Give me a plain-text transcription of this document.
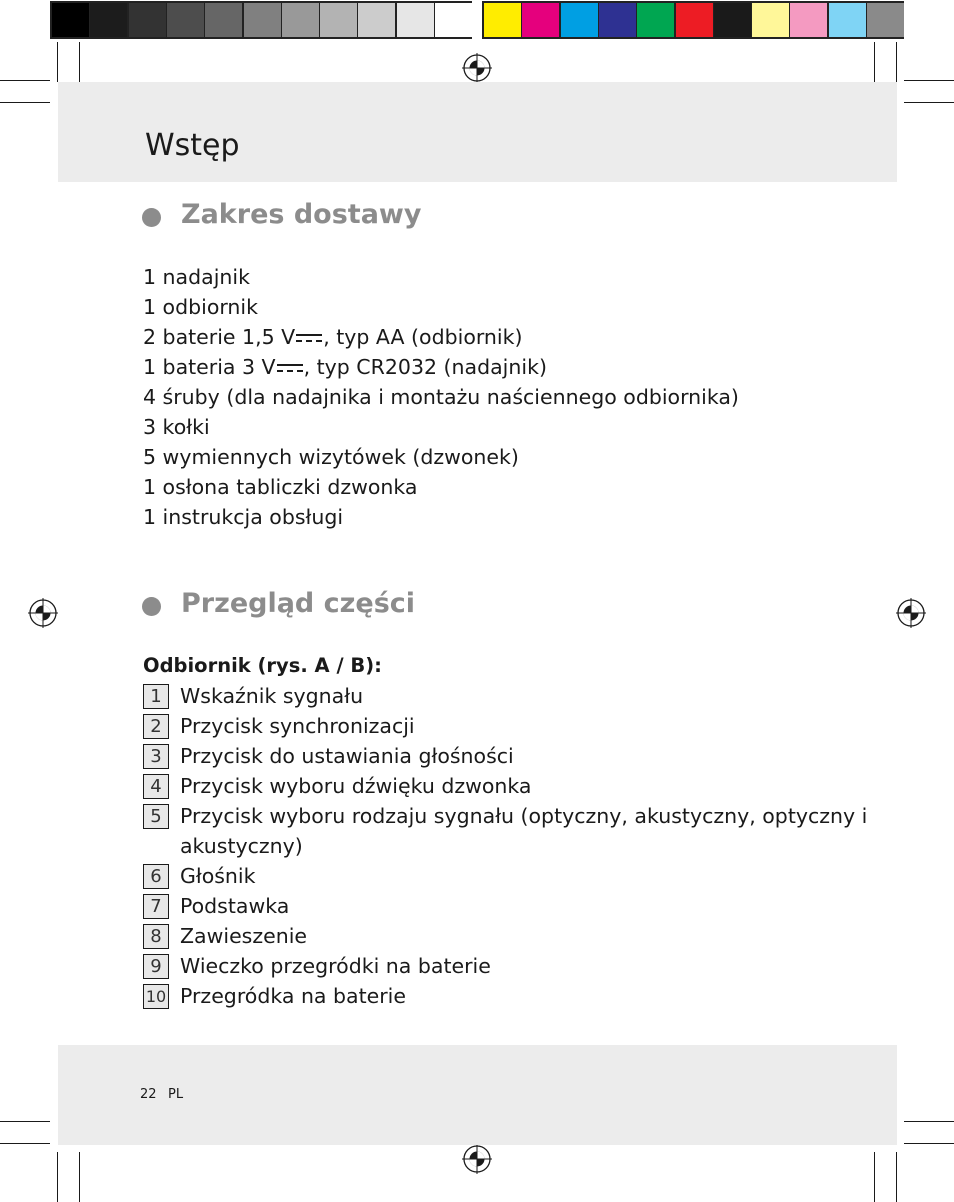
Wstęp
Zakres dostawy
1 nadajnik
1 odbiornik
2 baterie 1,5 V , typ AA (odbiornik)
1 bateria 3 V , typ CR2032 (nadajnik)
4 śruby (dla nadajnika i montażu naściennego odbiornika)
3 kołki
5 wymiennych wizytówek (dzwonek)
1 osłona tabliczki dzwonka
1 instrukcja obsługi
Przegląd części
Odbiornik (rys. A / B):
1 Wskaźnik sygnału
2 Przycisk synchronizacji
3 Przycisk do ustawiania głośności
4 Przycisk wyboru dźwięku dzwonka
5 Przycisk wyboru rodzaju sygnału (optyczny, akustyczny, optyczny i
akustyczny)
6 Głośnik
7 Podstawka
8 Zawieszenie
9 Wieczko przegródki na baterie
10 Przegródka na baterie
22 PL
